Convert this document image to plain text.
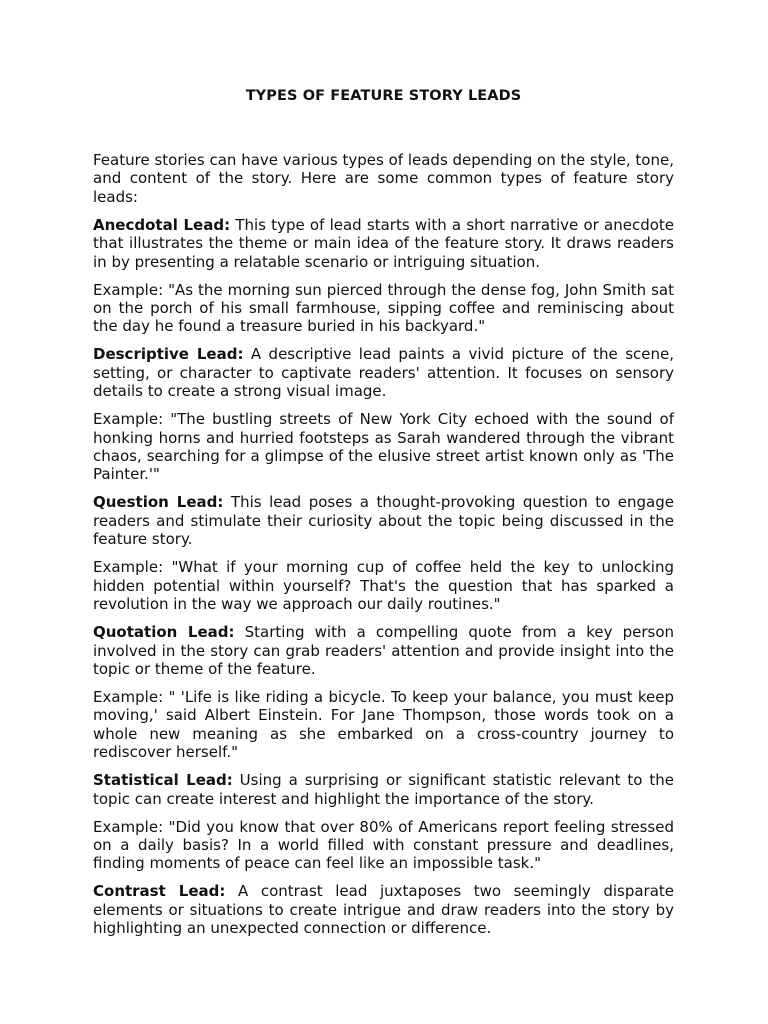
TYPES OF FEATURE STORY LEADS

Feature stories can have various types of leads depending on the style, tone, and content of the story. Here are some common types of feature story leads:

Anecdotal Lead: This type of lead starts with a short narrative or anecdote that illustrates the theme or main idea of the feature story. It draws readers in by presenting a relatable scenario or intriguing situation.

Example: "As the morning sun pierced through the dense fog, John Smith sat on the porch of his small farmhouse, sipping coffee and reminiscing about the day he found a treasure buried in his backyard."

Descriptive Lead: A descriptive lead paints a vivid picture of the scene, setting, or character to captivate readers' attention. It focuses on sensory details to create a strong visual image.

Example: "The bustling streets of New York City echoed with the sound of honking horns and hurried footsteps as Sarah wandered through the vibrant chaos, searching for a glimpse of the elusive street artist known only as 'The Painter.'"

Question Lead: This lead poses a thought-provoking question to engage readers and stimulate their curiosity about the topic being discussed in the feature story.

Example: "What if your morning cup of coffee held the key to unlocking hidden potential within yourself? That's the question that has sparked a revolution in the way we approach our daily routines."

Quotation Lead: Starting with a compelling quote from a key person involved in the story can grab readers' attention and provide insight into the topic or theme of the feature.

Example: " 'Life is like riding a bicycle. To keep your balance, you must keep moving,' said Albert Einstein. For Jane Thompson, those words took on a whole new meaning as she embarked on a cross-country journey to rediscover herself."

Statistical Lead: Using a surprising or significant statistic relevant to the topic can create interest and highlight the importance of the story.

Example: "Did you know that over 80% of Americans report feeling stressed on a daily basis? In a world filled with constant pressure and deadlines, finding moments of peace can feel like an impossible task."

Contrast Lead: A contrast lead juxtaposes two seemingly disparate elements or situations to create intrigue and draw readers into the story by highlighting an unexpected connection or difference.
